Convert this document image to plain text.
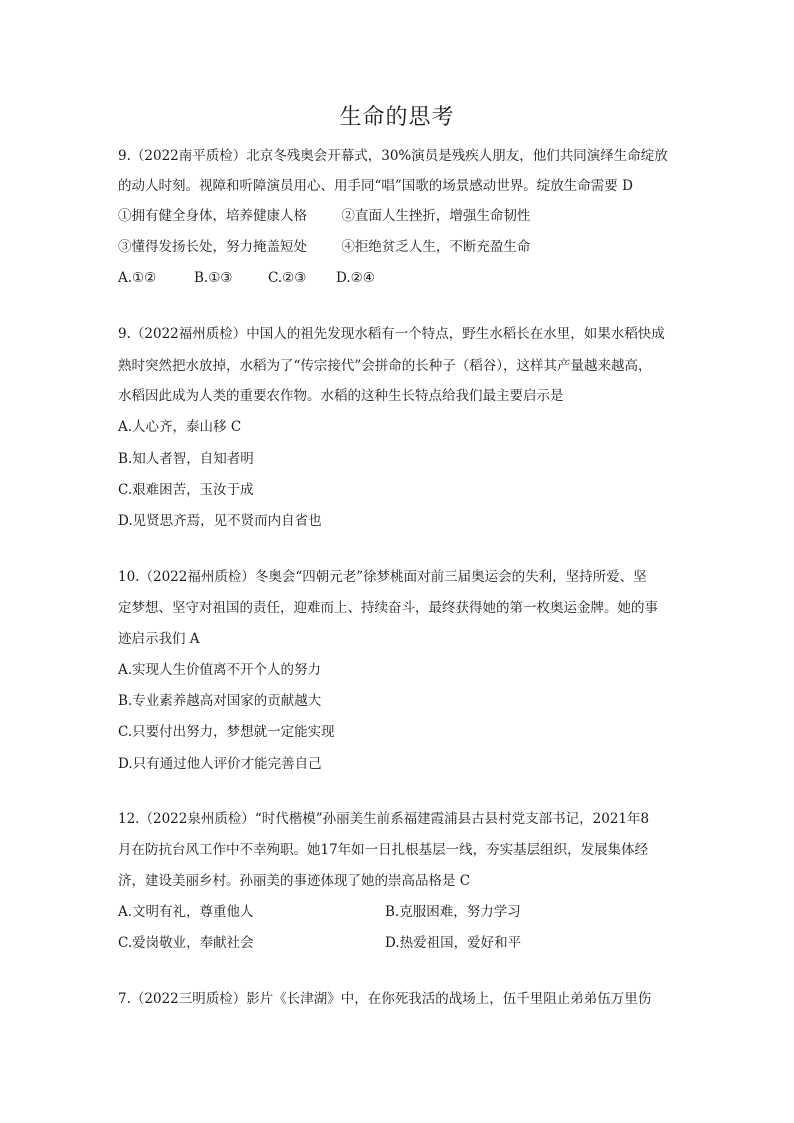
生命的思考
9.（2022南平质检）北京冬残奥会开幕式，30%演员是残疾人朋友，他们共同演绎生命绽放
的动人时刻。视障和听障演员用心、用手同“唱”国歌的场景感动世界。绽放生命需要 D
①拥有健全身体，培养健康人格        ②直面人生挫折，增强生命韧性
③懂得发扬长处，努力掩盖短处        ④拒绝贫乏人生，不断充盈生命
A.①②	B.①③	C.②③ D.②④
9.（2022福州质检）中国人的祖先发现水稻有一个特点，野生水稻长在水里，如果水稻快成
熟时突然把水放掉，水稻为了“传宗接代”会拼命的长种子（稻谷），这样其产量越来越高，
水稻因此成为人类的重要农作物。水稻的这种生长特点给我们最主要启示是
A.人心齐，泰山移 C
B.知人者智，自知者明
C.艰难困苦，玉汝于成
D.见贤思齐焉，见不贤而内自省也
10.（2022福州质检）冬奥会“四朝元老”徐梦桃面对前三届奥运会的失利，坚持所爱、坚
定梦想、坚守对祖国的责任，迎难而上、持续奋斗，最终获得她的第一枚奥运金牌。她的事
迹启示我们 A
A.实现人生价值离不开个人的努力
B.专业素养越高对国家的贡献越大
C.只要付出努力，梦想就一定能实现
D.只有通过他人评价才能完善自己
12.（2022泉州质检）“时代楷模”孙丽美生前系福建霞浦县古县村党支部书记，2021年8
月在防抗台风工作中不幸殉职。她17年如一日扎根基层一线，夯实基层组织，发展集体经
济，建设美丽乡村。孙丽美的事迹体现了她的崇高品格是 C
A.文明有礼，尊重他人	B.克服困难，努力学习
C.爱岗敬业，奉献社会	D.热爱祖国，爱好和平
7.（2022三明质检）影片《长津湖》中，在你死我活的战场上，伍千里阻止弟弟伍万里伤
